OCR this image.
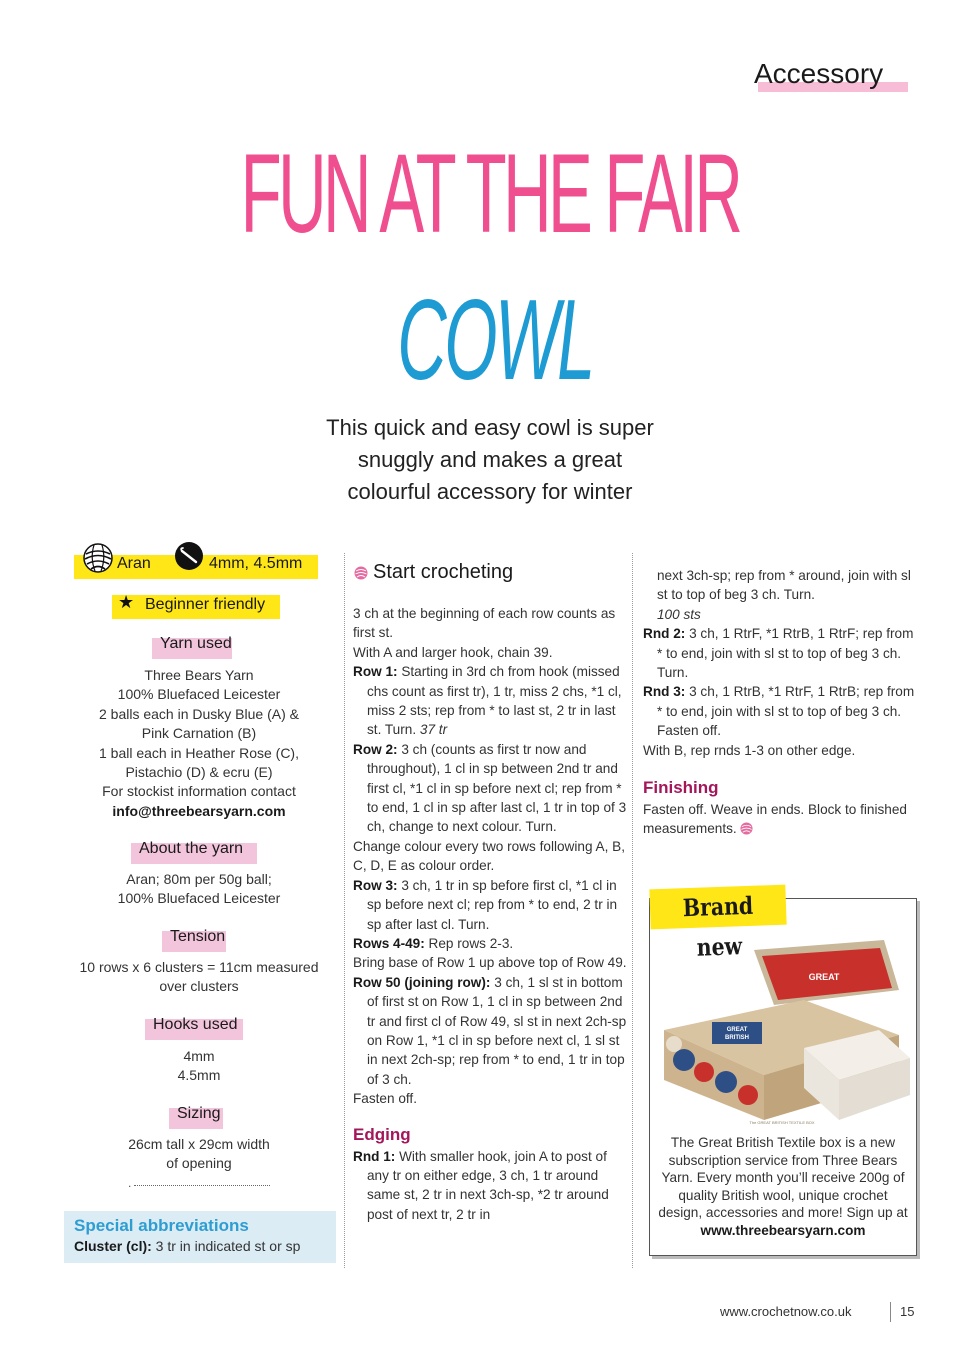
Accessory
FUN AT THE FAIR
COWL
This quick and easy cowl is super
snuggly and makes a great
colourful accessory for winter
Aran	4mm, 4.5mm
★ Beginner friendly
Yarn used
Three Bears Yarn
100% Bluefaced Leicester
2 balls each in Dusky Blue (A) &
Pink Carnation (B)
1 ball each in Heather Rose (C),
Pistachio (D) & ecru (E)
For stockist information contact
info@threebearsyarn.com
About the yarn
Aran; 80m per 50g ball;
100% Bluefaced Leicester
Tension
10 rows x 6 clusters = 11cm measured
over clusters
Hooks used
4mm
4.5mm
Sizing
26cm tall x 29cm width
of opening
.
Special abbreviations
Cluster (cl): 3 tr in indicated st or sp
Start crocheting

3 ch at the beginning of each row counts as first st.

With A and larger hook, chain 39.

Row 1: Starting in 3rd ch from hook (missed chs count as first tr), 1 tr, miss 2 chs, *1 cl, miss 2 sts; rep from * to last st, 2 tr in last st. Turn. 37 tr

Row 2: 3 ch (counts as first tr now and throughout), 1 cl in sp between 2nd tr and first cl, *1 cl in sp before next cl; rep from * to end, 1 cl in sp after last cl, 1 tr in top of 3 ch, change to next colour. Turn.

Change colour every two rows following A, B, C, D, E as colour order.

Row 3: 3 ch, 1 tr in sp before first cl, *1 cl in sp before next cl; rep from * to end, 2 tr in sp after last cl. Turn.

Rows 4-49: Rep rows 2-3.

Bring base of Row 1 up above top of Row 49.

Row 50 (joining row): 3 ch, 1 sl st in bottom of first st on Row 1, 1 cl in sp between 2nd tr and first cl of Row 49, sl st in next 2ch-sp on Row 1, *1 cl in sp before next cl, 1 sl st in next 2ch-sp; rep from * to end, 1 tr in top of 3 ch.

Fasten off.

Edging

Rnd 1: With smaller hook, join A to post of any tr on either edge, 3 ch, 1 tr around same st, 2 tr in next 3ch-sp, *2 tr around post of next tr, 2 tr in

next 3ch-sp; rep from * around, join with sl st to top of beg 3 ch. Turn.

100 sts

Rnd 2: 3 ch, 1 RtrF, *1 RtrB, 1 RtrF; rep from * to end, join with sl st to top of beg 3 ch. Turn.

Rnd 3: 3 ch, 1 RtrB, *1 RtrF, 1 RtrB; rep from * to end, join with sl st to top of beg 3 ch. Fasten off.

With B, rep rnds 1-3 on other edge.

Finishing

Fasten off. Weave in ends. Block to finished measurements.

GREAT
GREAT
BRITISH
The GREAT BRITISH TEXTILE BOX
Brand new
The Great British Textile box is a new subscription service from Three Bears Yarn. Every month you’ll receive 200g of quality British wool, unique crochet design, accessories and more! Sign up at www.threebearsyarn.com
www.crochetnow.co.uk	15
